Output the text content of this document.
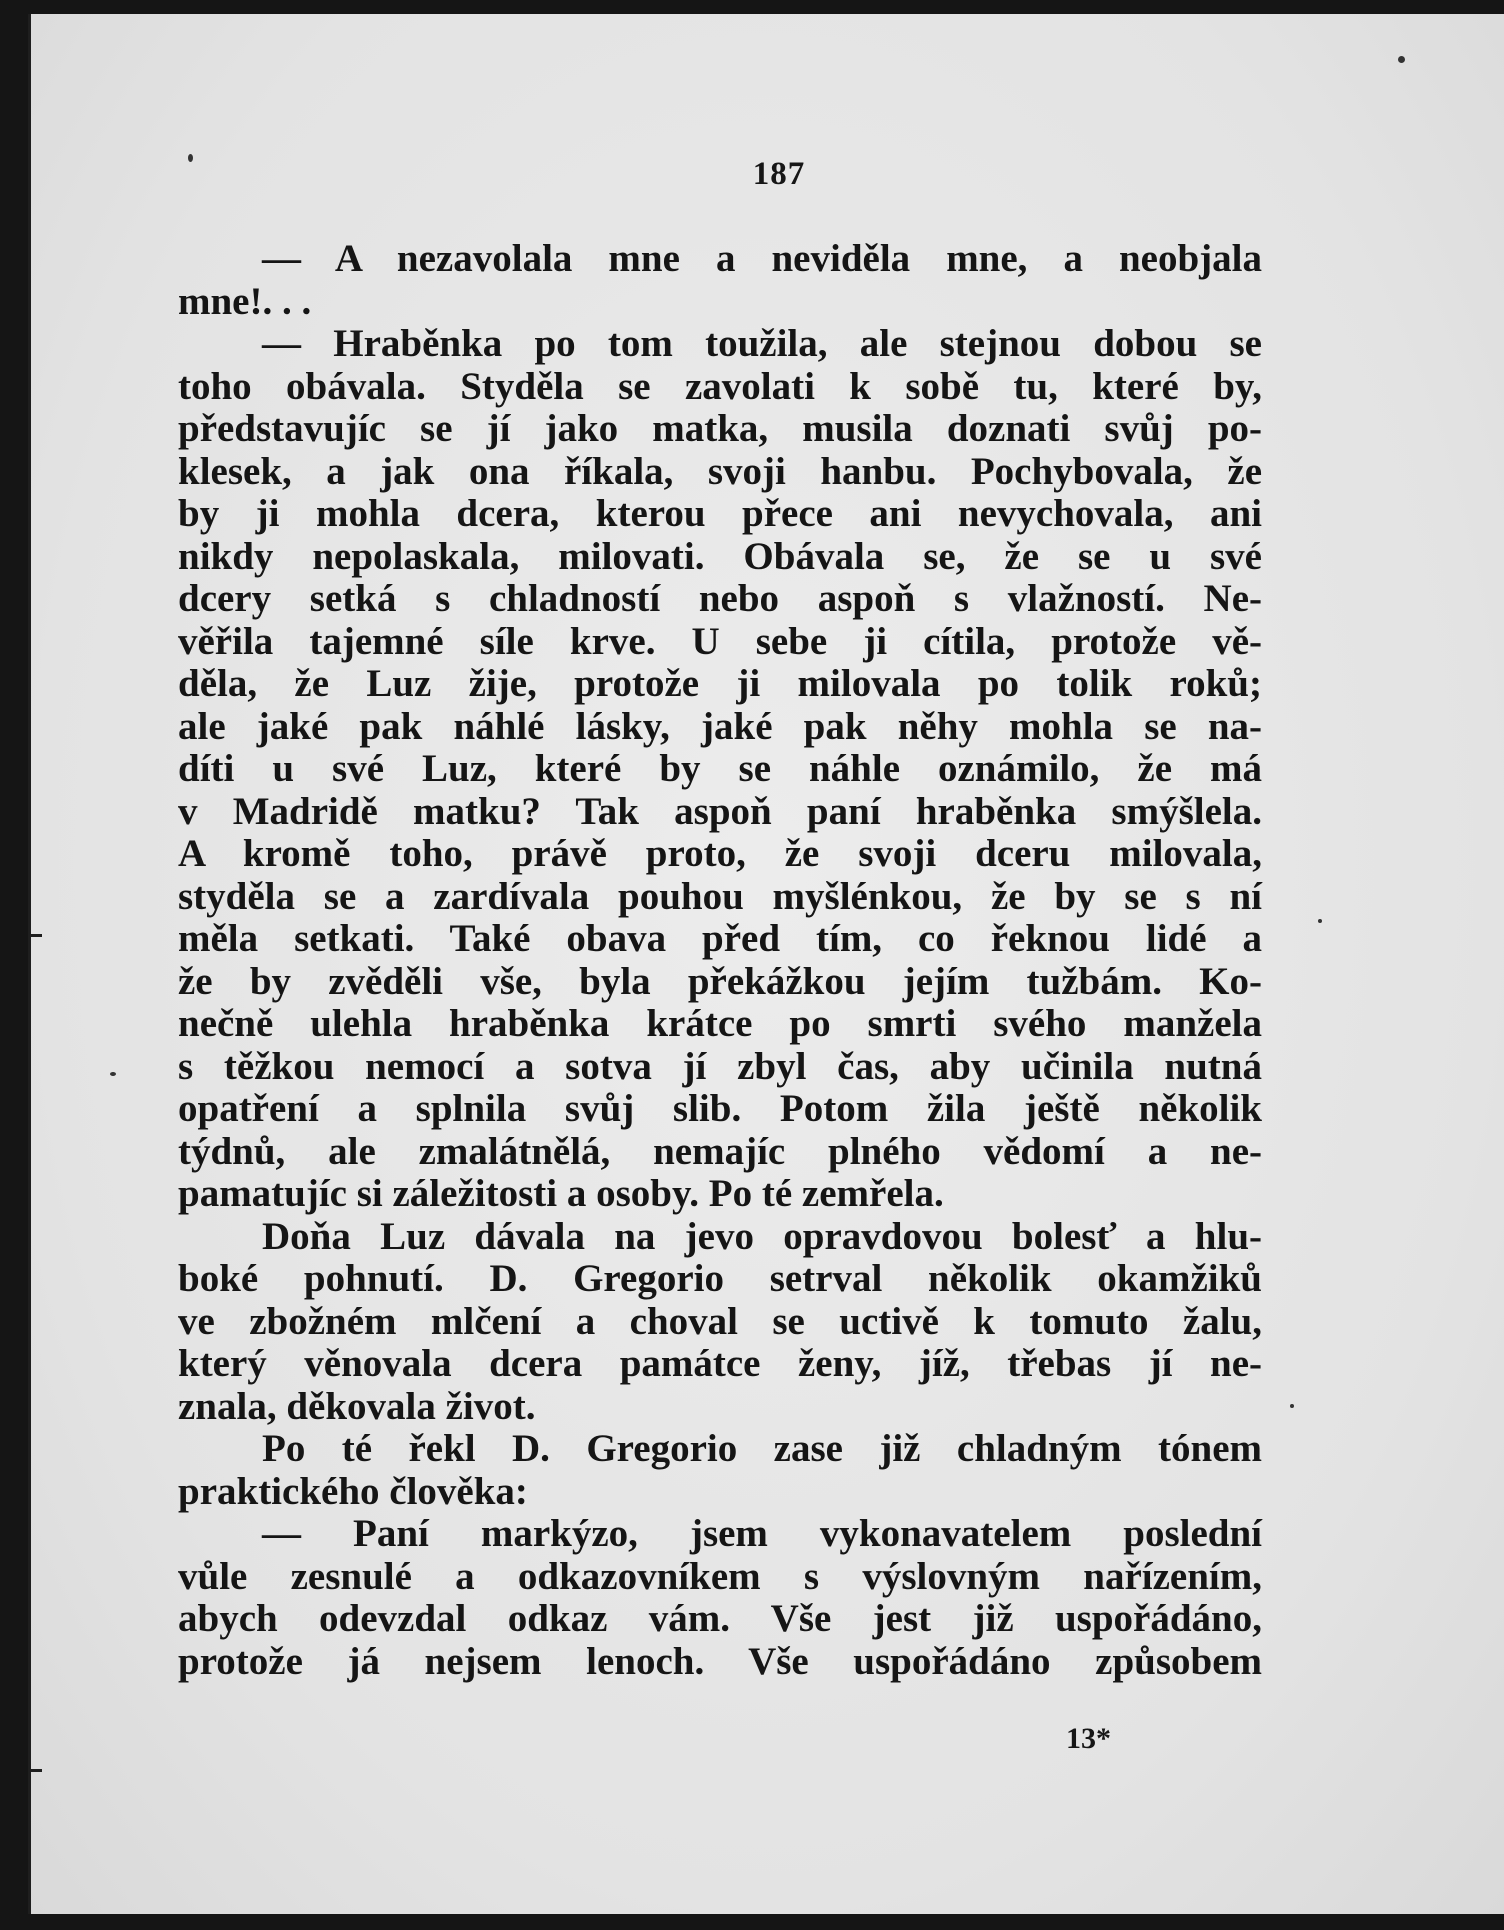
187
13*
— A nezavolala mne a neviděla mne, a neobjala
mne!. . .
— Hraběnka po tom toužila, ale stejnou dobou se
toho obávala. Styděla se zavolati k sobě tu, které by,
představujíc se jí jako matka, musila doznati svůj po-
klesek, a jak ona říkala, svoji hanbu. Pochybovala, že
by ji mohla dcera, kterou přece ani nevychovala, ani
nikdy nepolaskala, milovati. Obávala se, že se u své
dcery setká s chladností nebo aspoň s vlažností. Ne-
věřila tajemné síle krve. U sebe ji cítila, protože vě-
děla, že Luz žije, protože ji milovala po tolik roků;
ale jaké pak náhlé lásky, jaké pak něhy mohla se na-
díti u své Luz, které by se náhle oznámilo, že má
v Madridě matku? Tak aspoň paní hraběnka smýšlela.
A kromě toho, právě proto, že svoji dceru milovala,
styděla se a zardívala pouhou myšlénkou, že by se s ní
měla setkati. Také obava před tím, co řeknou lidé a
že by zvěděli vše, byla překážkou jejím tužbám. Ko-
nečně ulehla hraběnka krátce po smrti svého manžela
s těžkou nemocí a sotva jí zbyl čas, aby učinila nutná
opatření a splnila svůj slib. Potom žila ještě několik
týdnů, ale zmalátnělá, nemajíc plného vědomí a ne-
pamatujíc si záležitosti a osoby. Po té zemřela.
Doňa Luz dávala na jevo opravdovou bolesť a hlu-
boké pohnutí. D. Gregorio setrval několik okamžiků
ve zbožném mlčení a choval se uctivě k tomuto žalu,
který věnovala dcera památce ženy, jíž, třebas jí ne-
znala, děkovala život.
Po té řekl D. Gregorio zase již chladným tónem
praktického člověka:
— Paní markýzo, jsem vykonavatelem poslední
vůle zesnulé a odkazovníkem s výslovným nařízením,
abych odevzdal odkaz vám. Vše jest již uspořádáno,
protože já nejsem lenoch. Vše uspořádáno způsobem
